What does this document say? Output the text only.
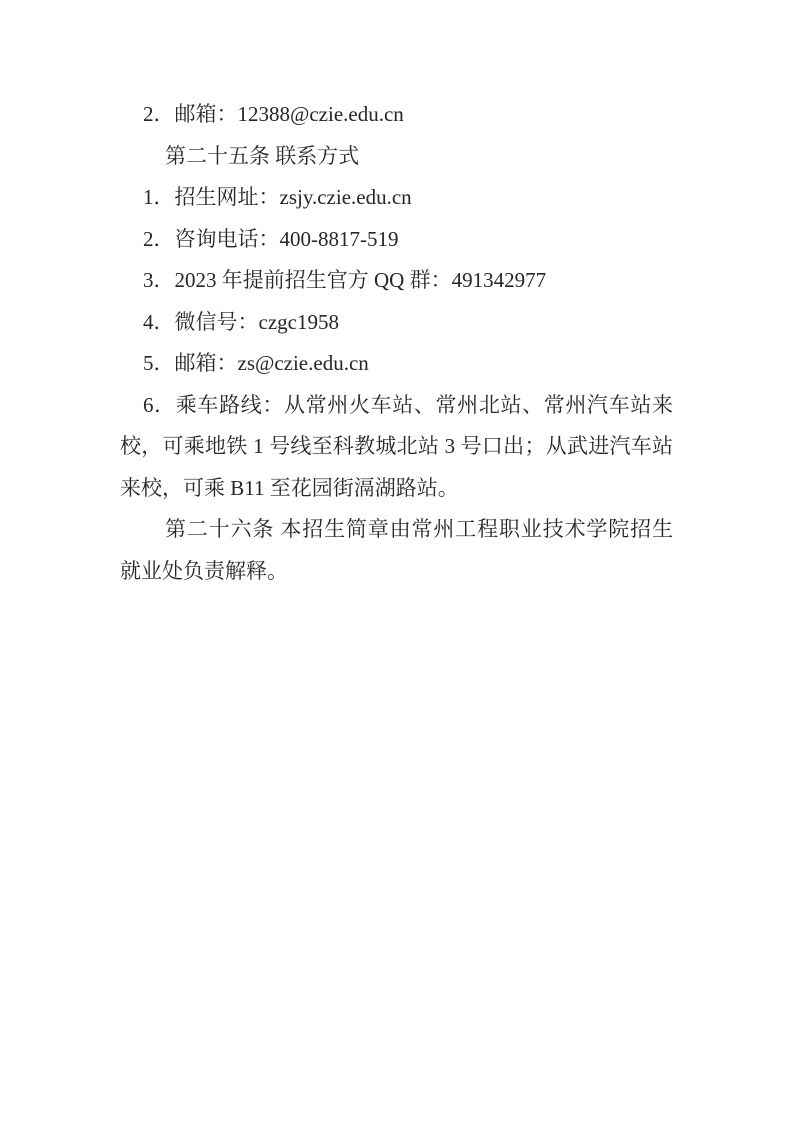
2．邮箱：12388@czie.edu.cn

第二十五条 联系方式

1．招生网址：zsjy.czie.edu.cn

2．咨询电话：400-8817-519

3．2023 年提前招生官方 QQ 群：491342977

4．微信号：czgc1958

5．邮箱：zs@czie.edu.cn

6．乘车路线：从常州火车站、常州北站、常州汽车站来校，可乘地铁 1 号线至科教城北站 3 号口出；从武进汽车站来校，可乘 B11 至花园街滆湖路站。

第二十六条 本招生简章由常州工程职业技术学院招生就业处负责解释。
